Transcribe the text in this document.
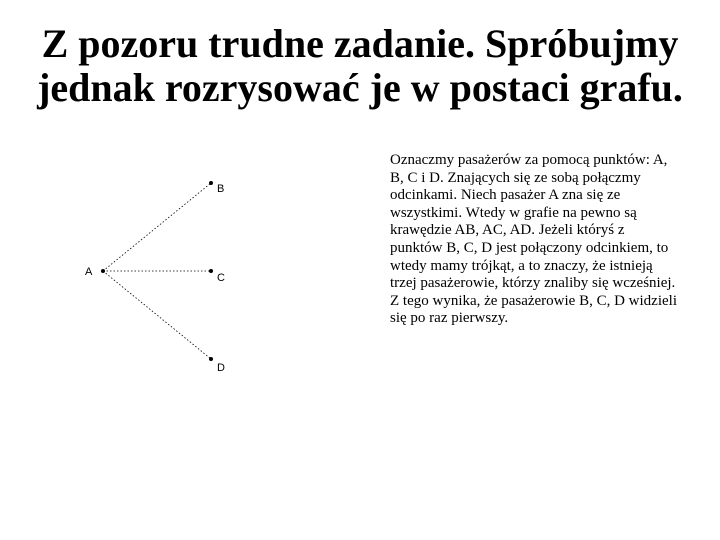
Z pozoru trudne zadanie. Spróbujmy
jednak rozrysować je w postaci grafu.
A
B
C
D

Oznaczmy pasażerów za pomocą punktów: A, B, C i D. Znających się ze sobą połączmy odcinkami. Niech pasażer A zna się ze wszystkimi. Wtedy w grafie na pewno są krawędzie AB, AC, AD. Jeżeli któryś z punktów B, C, D jest połączony odcinkiem, to wtedy mamy trójkąt, a to znaczy, że istnieją trzej pasażerowie, którzy znaliby się wcześniej. Z tego wynika, że pasażerowie B, C, D widzieli się po raz pierwszy.
